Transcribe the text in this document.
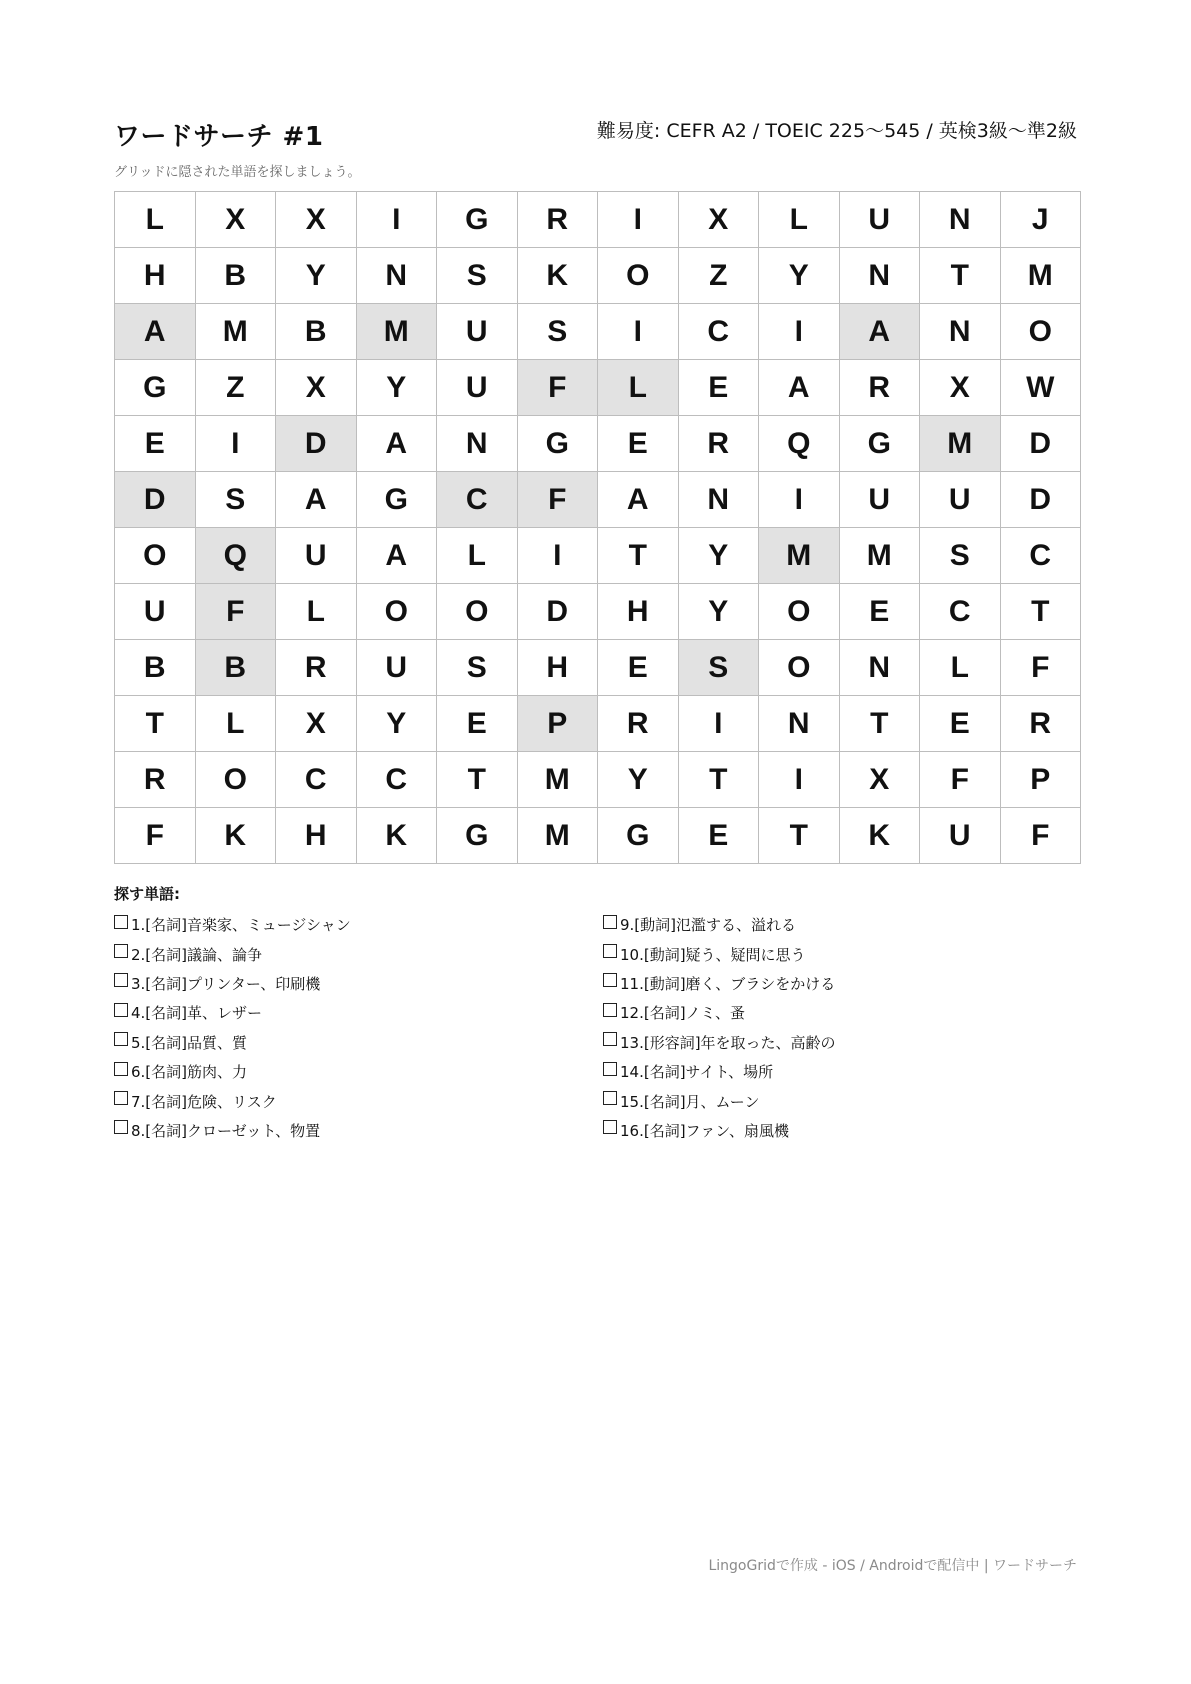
ワードサーチ #1	難易度: CEFR A2 / TOEIC 225～545 / 英検3級～準2級
グリッドに隠された単語を探しましょう。
L	X	X	I	G	R	I	X	L	U	N	J
H	B	Y	N	S	K	O	Z	Y	N	T	M
A	M	B	M	U	S	I	C	I	A	N	O
G	Z	X	Y	U	F	L	E	A	R	X	W
E	I	D	A	N	G	E	R	Q	G	M	D
D	S	A	G	C	F	A	N	I	U	U	D
O	Q	U	A	L	I	T	Y	M	M	S	C
U	F	L	O	O	D	H	Y	O	E	C	T
B	B	R	U	S	H	E	S	O	N	L	F
T	L	X	Y	E	P	R	I	N	T	E	R
R	O	C	C	T	M	Y	T	I	X	F	P
F	K	H	K	G	M	G	E	T	K	U	F
探す単語:
1.[名詞]音楽家、ミュージシャン
2.[名詞]議論、論争
3.[名詞]プリンター、印刷機
4.[名詞]革、レザー
5.[名詞]品質、質
6.[名詞]筋肉、力
7.[名詞]危険、リスク
8.[名詞]クローゼット、物置
9.[動詞]氾濫する、溢れる
10.[動詞]疑う、疑問に思う
11.[動詞]磨く、ブラシをかける
12.[名詞]ノミ、蚤
13.[形容詞]年を取った、高齢の
14.[名詞]サイト、場所
15.[名詞]月、ムーン
16.[名詞]ファン、扇風機
LingoGridで作成 - iOS / Androidで配信中 | ワードサーチ
